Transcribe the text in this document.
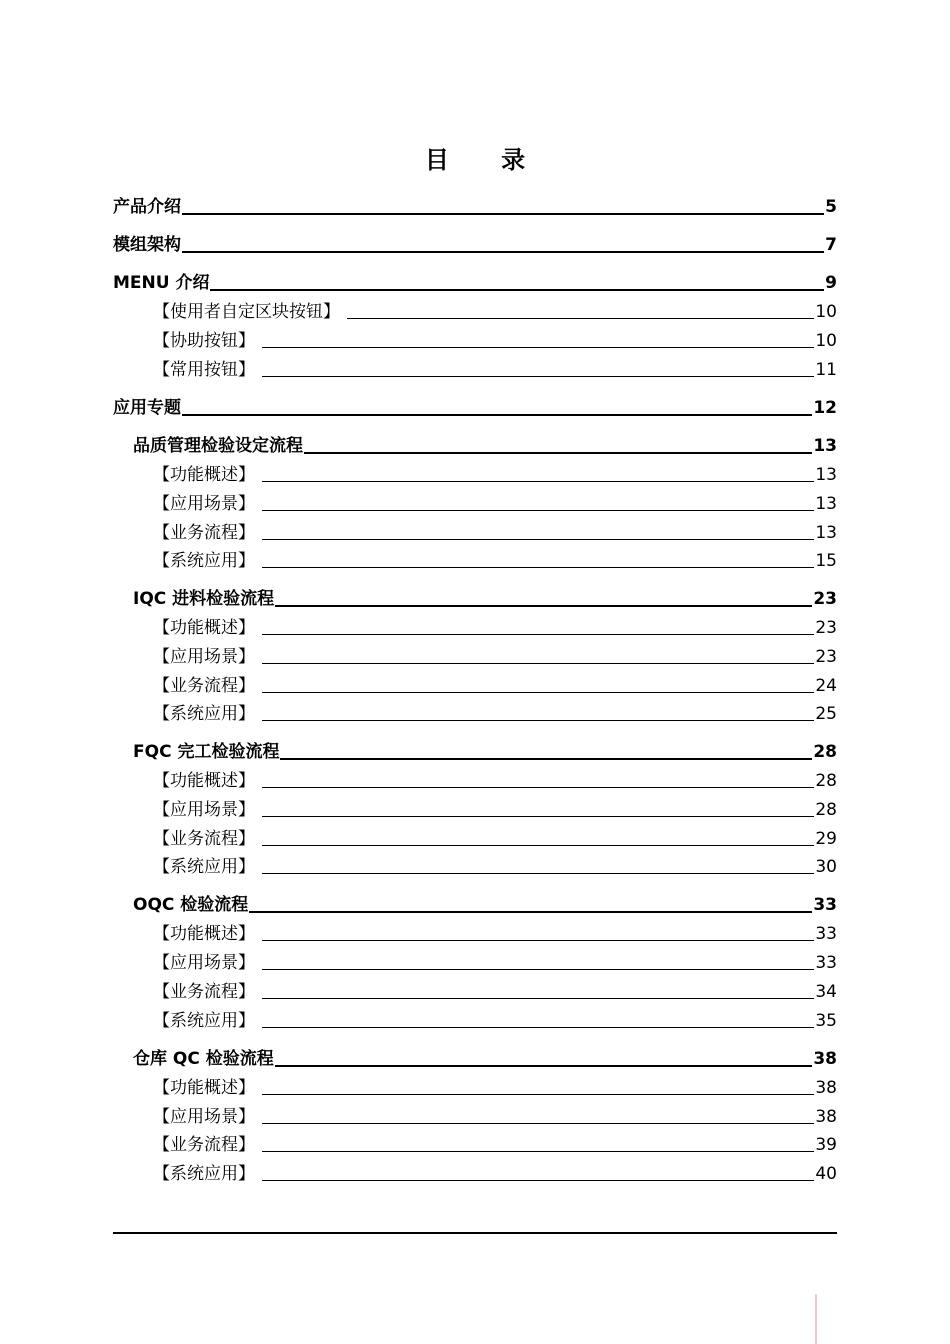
目 录
产品介绍	5
模组架构	7
MENU 介绍	9
【使用者自定区块按钮】	10
【协助按钮】	10
【常用按钮】	11
应用专题	12
品质管理检验设定流程	13
【功能概述】	13
【应用场景】	13
【业务流程】	13
【系统应用】	15
IQC 进料检验流程	23
【功能概述】	23
【应用场景】	23
【业务流程】	24
【系统应用】	25
FQC 完工检验流程	28
【功能概述】	28
【应用场景】	28
【业务流程】	29
【系统应用】	30
OQC 检验流程	33
【功能概述】	33
【应用场景】	33
【业务流程】	34
【系统应用】	35
仓库 QC 检验流程	38
【功能概述】	38
【应用场景】	38
【业务流程】	39
【系统应用】	40
